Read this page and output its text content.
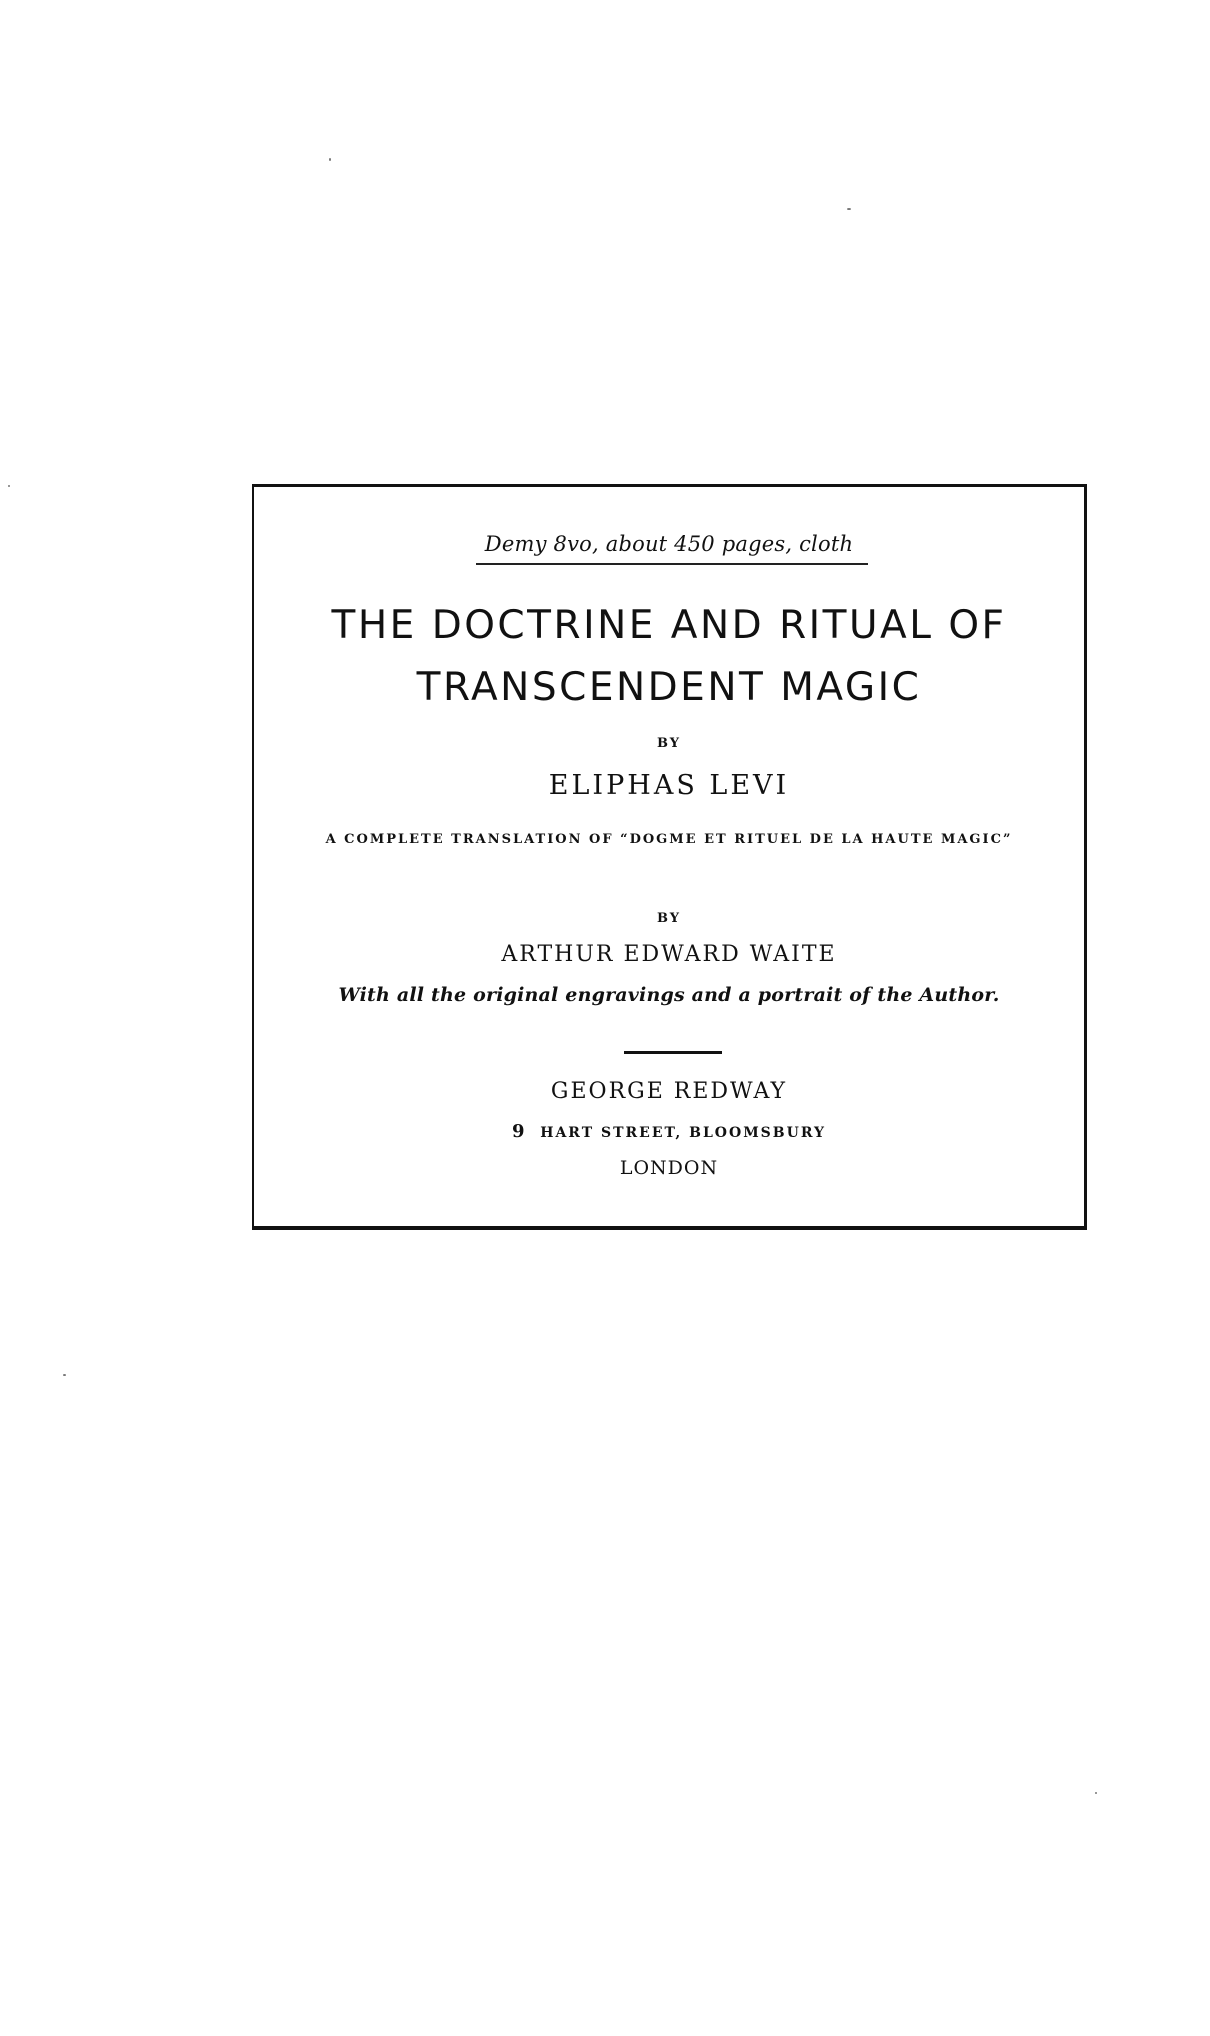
Demy 8vo, about 450 pages, cloth
THE DOCTRINE AND RITUAL OF
TRANSCENDENT MAGIC
BY
ELIPHAS LEVI
A COMPLETE TRANSLATION OF “DOGME ET RITUEL DE LA HAUTE MAGIC”
BY
ARTHUR EDWARD WAITE
With all the original engravings and a portrait of the Author.
GEORGE REDWAY
9 HART STREET, BLOOMSBURY
LONDON
